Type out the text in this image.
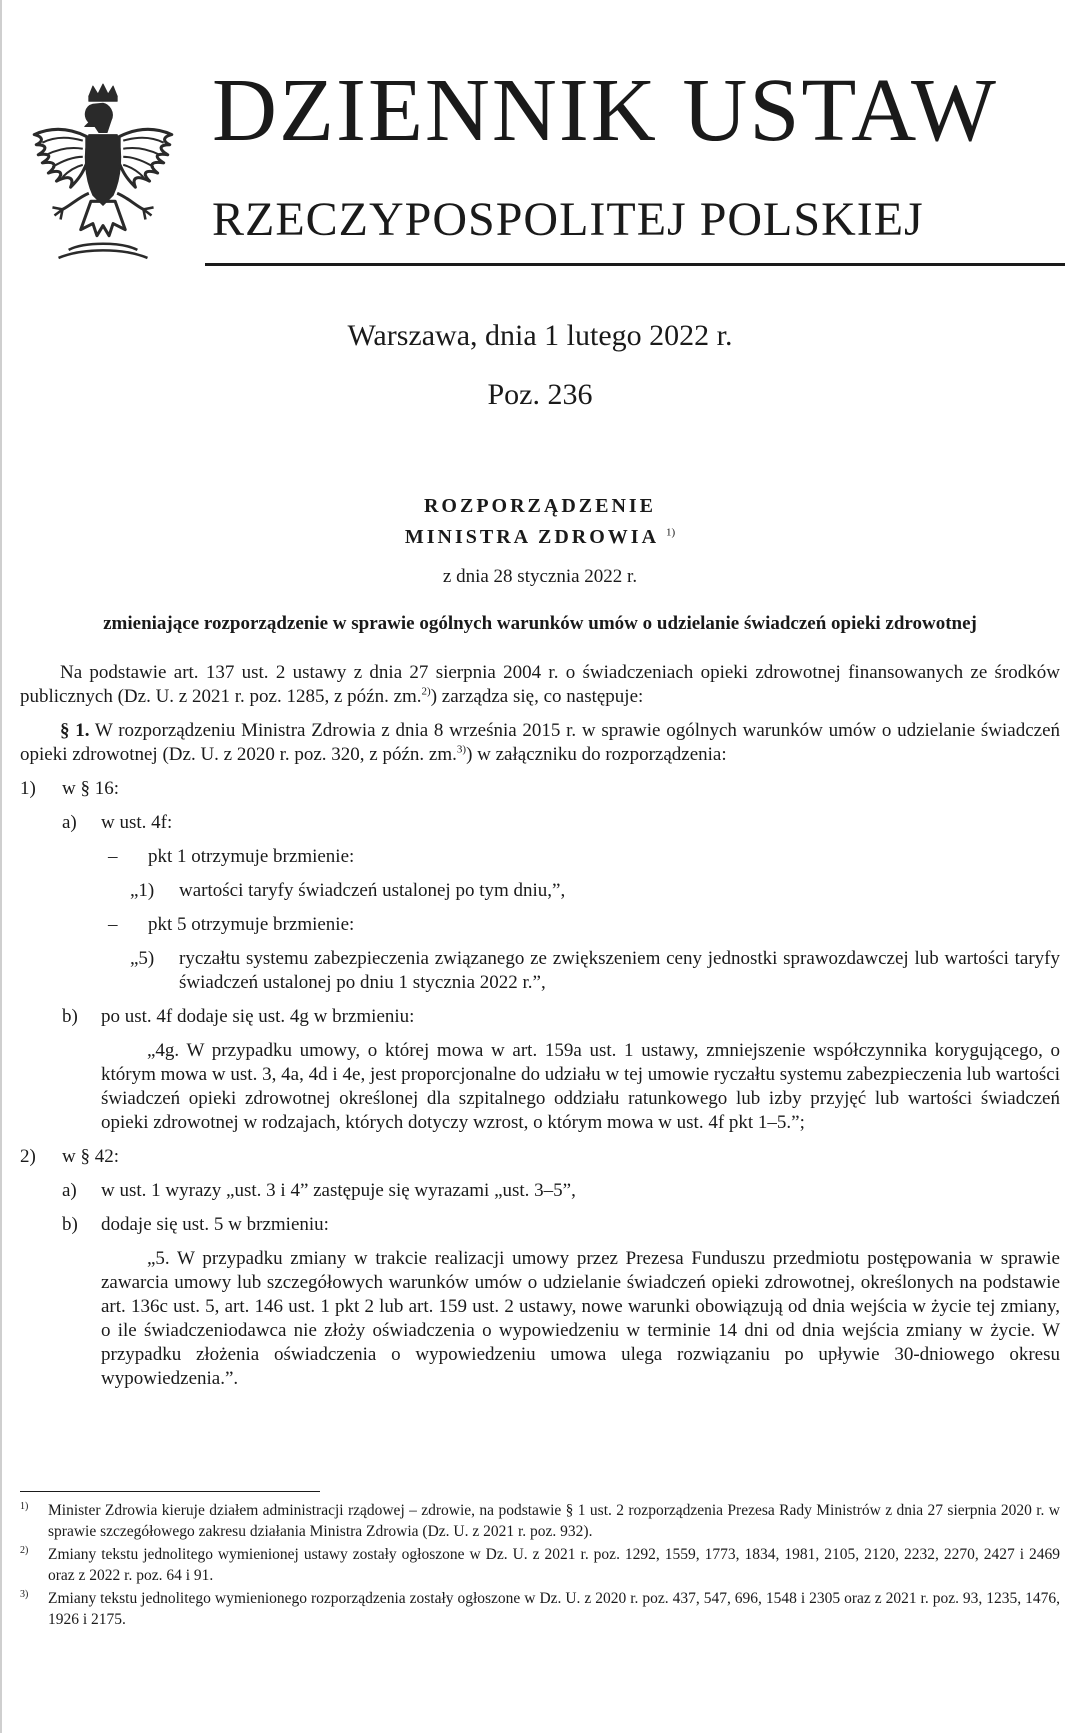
DZIENNIK USTAW
RZECZYPOSPOLITEJ POLSKIEJ
Warszawa, dnia 1 lutego 2022 r.
Poz. 236
ROZPORZĄDZENIE
MINISTRA ZDROWIA $^{1)}$
z dnia 28 stycznia 2022 r.
zmieniające rozporządzenie w sprawie ogólnych warunków umów o udzielanie świadczeń opieki zdrowotnej

Na podstawie art. 137 ust. 2 ustawy z dnia 27 sierpnia 2004 r. o świadczeniach opieki zdrowotnej finansowanych ze środków publicznych (Dz. U. z 2021 r. poz. 1285, z późn. zm.$^{2)}$) zarządza się, co następuje:

§ 1. W rozporządzeniu Ministra Zdrowia z dnia 8 września 2015 r. w sprawie ogólnych warunków umów o udzielanie świadczeń opieki zdrowotnej (Dz. U. z 2020 r. poz. 320, z późn. zm.$^{3)}$) w załączniku do rozporządzenia:

1) w § 16:
a) w ust. 4f:
– pkt 1 otrzymuje brzmienie:
„1) wartości taryfy świadczeń ustalonej po tym dniu,”,
– pkt 5 otrzymuje brzmienie:
„5) ryczałtu systemu zabezpieczenia związanego ze zwiększeniem ceny jednostki sprawozdawczej lub wartości taryfy świadczeń ustalonej po dniu 1 stycznia 2022 r.”,
b) po ust. 4f dodaje się ust. 4g w brzmieniu:

„4g. W przypadku umowy, o której mowa w art. 159a ust. 1 ustawy, zmniejszenie współczynnika korygującego, o którym mowa w ust. 3, 4a, 4d i 4e, jest proporcjonalne do udziału w tej umowie ryczałtu systemu zabezpieczenia lub wartości świadczeń opieki zdrowotnej określonej dla szpitalnego oddziału ratunkowego lub izby przyjęć lub wartości świadczeń opieki zdrowotnej w rodzajach, których dotyczy wzrost, o którym mowa w ust. 4f pkt 1–5.”;

2) w § 42:
a) w ust. 1 wyrazy „ust. 3 i 4” zastępuje się wyrazami „ust. 3–5”,
b) dodaje się ust. 5 w brzmieniu:

„5. W przypadku zmiany w trakcie realizacji umowy przez Prezesa Funduszu przedmiotu postępowania w sprawie zawarcia umowy lub szczegółowych warunków umów o udzielanie świadczeń opieki zdrowotnej, określonych na podstawie art. 136c ust. 5, art. 146 ust. 1 pkt 2 lub art. 159 ust. 2 ustawy, nowe warunki obowiązują od dnia wejścia w życie tej zmiany, o ile świadczeniodawca nie złoży oświadczenia o wypowiedzeniu w terminie 14 dni od dnia wejścia zmiany w życie. W przypadku złożenia oświadczenia o wypowiedzeniu umowa ulega rozwiązaniu po upływie 30-dniowego okresu wypowiedzenia.”.

1) Minister Zdrowia kieruje działem administracji rządowej – zdrowie, na podstawie § 1 ust. 2 rozporządzenia Prezesa Rady Ministrów z dnia 27 sierpnia 2020 r. w sprawie szczegółowego zakresu działania Ministra Zdrowia (Dz. U. z 2021 r. poz. 932).
2) Zmiany tekstu jednolitego wymienionej ustawy zostały ogłoszone w Dz. U. z 2021 r. poz. 1292, 1559, 1773, 1834, 1981, 2105, 2120, 2232, 2270, 2427 i 2469 oraz z 2022 r. poz. 64 i 91.
3) Zmiany tekstu jednolitego wymienionego rozporządzenia zostały ogłoszone w Dz. U. z 2020 r. poz. 437, 547, 696, 1548 i 2305 oraz z 2021 r. poz. 93, 1235, 1476, 1926 i 2175.
